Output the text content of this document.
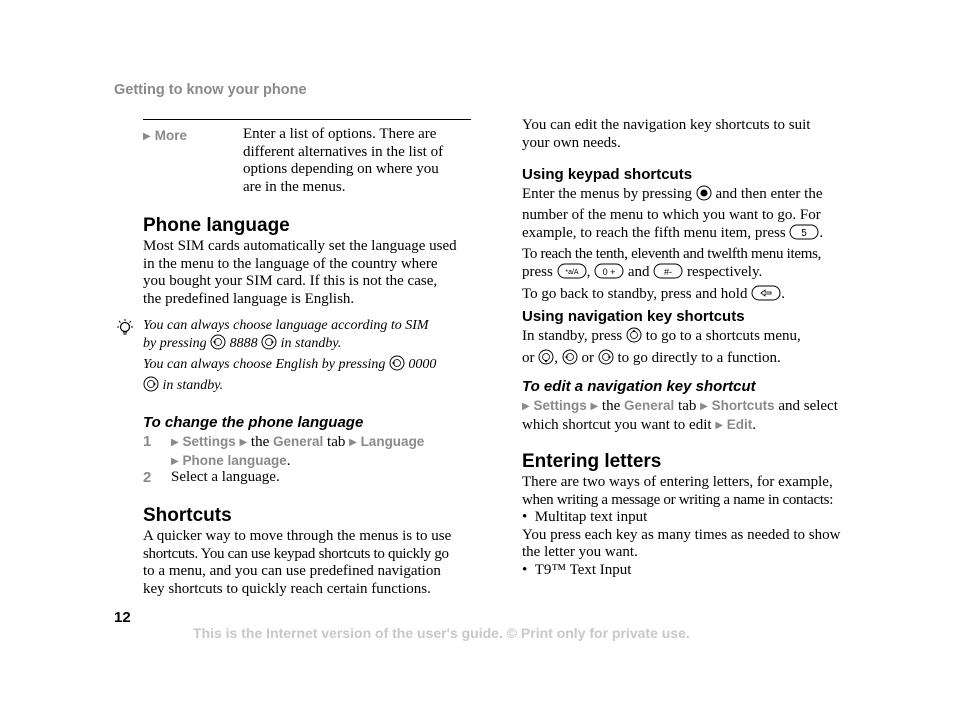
Getting to know your phone
▶ More	Enter a list of options. There are
different alternatives in the list of
options depending on where you
are in the menus.
Phone language
Most SIM cards automatically set the language used
in the menu to the language of the country where
you bought your SIM card. If this is not the case,
the predefined language is English.
You can always choose language according to SIM
by pressing 8888 in standby.
You can always choose English by pressing 0000
in standby.
To change the phone language
1 ▶ Settings ▶ the General tab ▶ Language
▶ Phone language.
2 Select a language.
Shortcuts
A quicker way to move through the menus is to use
shortcuts. You can use keypad shortcuts to quickly go
to a menu, and you can use predefined navigation
key shortcuts to quickly reach certain functions.
You can edit the navigation key shortcuts to suit
your own needs.
Using keypad shortcuts
Enter the menus by pressing and then enter the
number of the menu to which you want to go. For
example, to reach the fifth menu item, press 5 .
To reach the tenth, eleventh and twelfth menu items,
press *a/A , 0 + and #- respectively.
To go back to standby, press and hold .
Using navigation key shortcuts
In standby, press to go to a shortcuts menu,
or , or to go directly to a function.
To edit a navigation key shortcut
▶ Settings ▶ the General tab ▶ Shortcuts and select
which shortcut you want to edit ▶ Edit.
Entering letters
There are two ways of entering letters, for example,
when writing a message or writing a name in contacts:
• Multitap text input
You press each key as many times as needed to show
the letter you want.
• T9™ Text Input
12
This is the Internet version of the user's guide. © Print only for private use.
